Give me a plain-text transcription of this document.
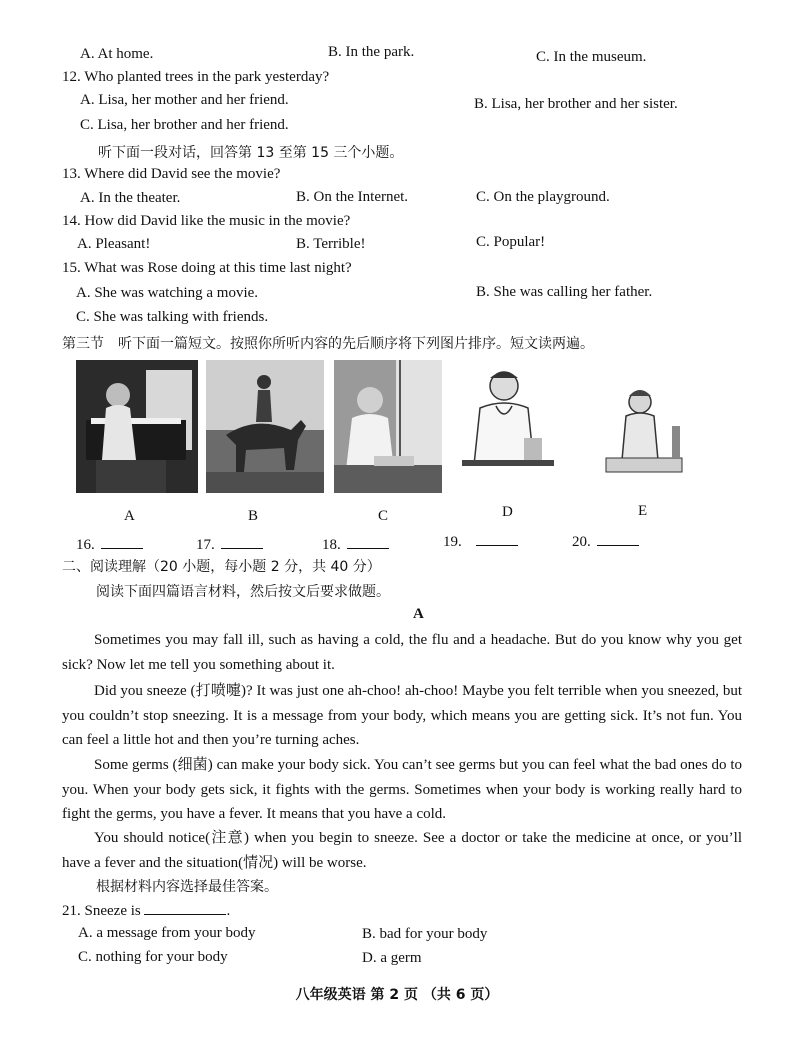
A. At home.	B. In the park.	C. In the museum.
12. Who planted trees in the park yesterday?
A. Lisa, her mother and her friend.	B. Lisa, her brother and her sister.
C. Lisa, her brother and her friend.
听下面一段对话，回答第 13 至第 15 三个小题。
13. Where did David see the movie?
A. In the theater.	B. On the Internet.	C. On the playground.
14. How did David like the music in the movie?
A. Pleasant!	B. Terrible!	C. Popular!
15. What was Rose doing at this time last night?
A. She was watching a movie.	B. She was calling her father.
C. She was talking with friends.
第三节　听下面一篇短文。按照你所听内容的先后顺序将下列图片排序。短文读两遍。
A	B	C	D	E
16.	17.	18.	19.	20.
二、阅读理解（20 小题，每小题 2 分，共 40 分）
阅读下面四篇语言材料，然后按文后要求做题。
A
Sometimes you may fall ill, such as having a cold, the flu and a headache. But do you know why you get sick? Now let me tell you something about it.
Did you sneeze (打喷嚏)? It was just one ah-choo! ah-choo! Maybe you felt terrible when you sneezed, but you couldn’t stop sneezing. It is a message from your body, which means you are getting sick. It’s not fun. You can feel a little hot and then you’re turning aches.
Some germs (细菌) can make your body sick. You can’t see germs but you can feel what the bad ones do to you. When your body gets sick, it fights with the germs. Sometimes when your body is working really hard to fight the germs, you have a fever. It means that you have a cold.
You should notice(注意) when you begin to sneeze. See a doctor or take the medicine at once, or you’ll have a fever and the situation(情况) will be worse.
根据材料内容选择最佳答案。
21. Sneeze is	.
A. a message from your body	B. bad for your body
C. nothing for your body	D. a germ
八年级英语 第 2 页 （共 6 页）
